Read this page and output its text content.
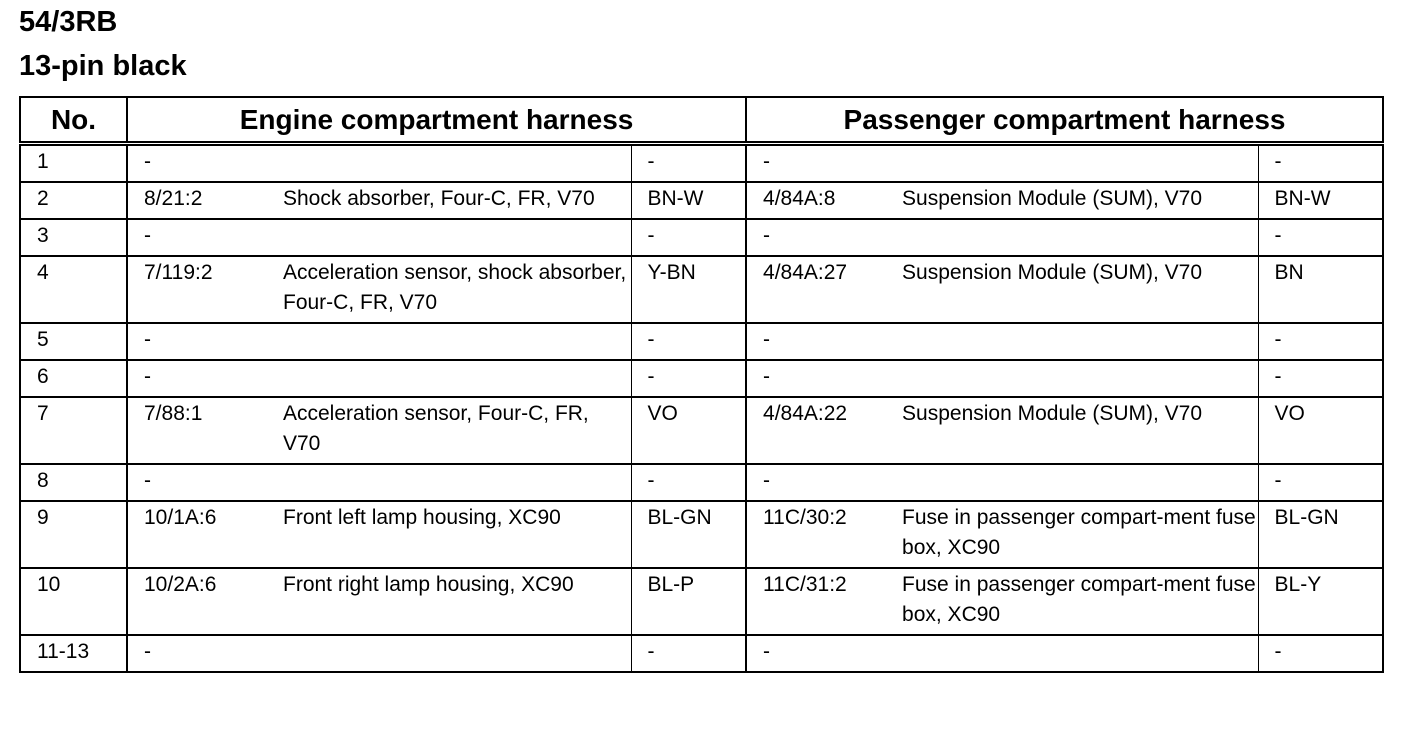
54/3RB
13-pin black
No.	Engine compartment harness			Passenger compartment harness		
1	-		-	-		-
2	8/21:2	Shock absorber, Four-C, FR, V70	BN-W	4/84A:8	Suspension Module (SUM), V70	BN-W
3	-		-	-		-
4	7/119:2	Acceleration sensor, shock absorber, Four-C, FR, V70	Y-BN	4/84A:27	Suspension Module (SUM), V70	BN
5	-		-	-		-
6	-		-	-		-
7	7/88:1	Acceleration sensor, Four-C, FR, V70	VO	4/84A:22	Suspension Module (SUM), V70	VO
8	-		-	-		-
9	10/1A:6	Front left lamp housing, XC90	BL-GN	11C/30:2	Fuse in passenger compart-ment fuse box, XC90	BL-GN
10	10/2A:6	Front right lamp housing, XC90	BL-P	11C/31:2	Fuse in passenger compart-ment fuse box, XC90	BL-Y
11-13	-		-	-		-
